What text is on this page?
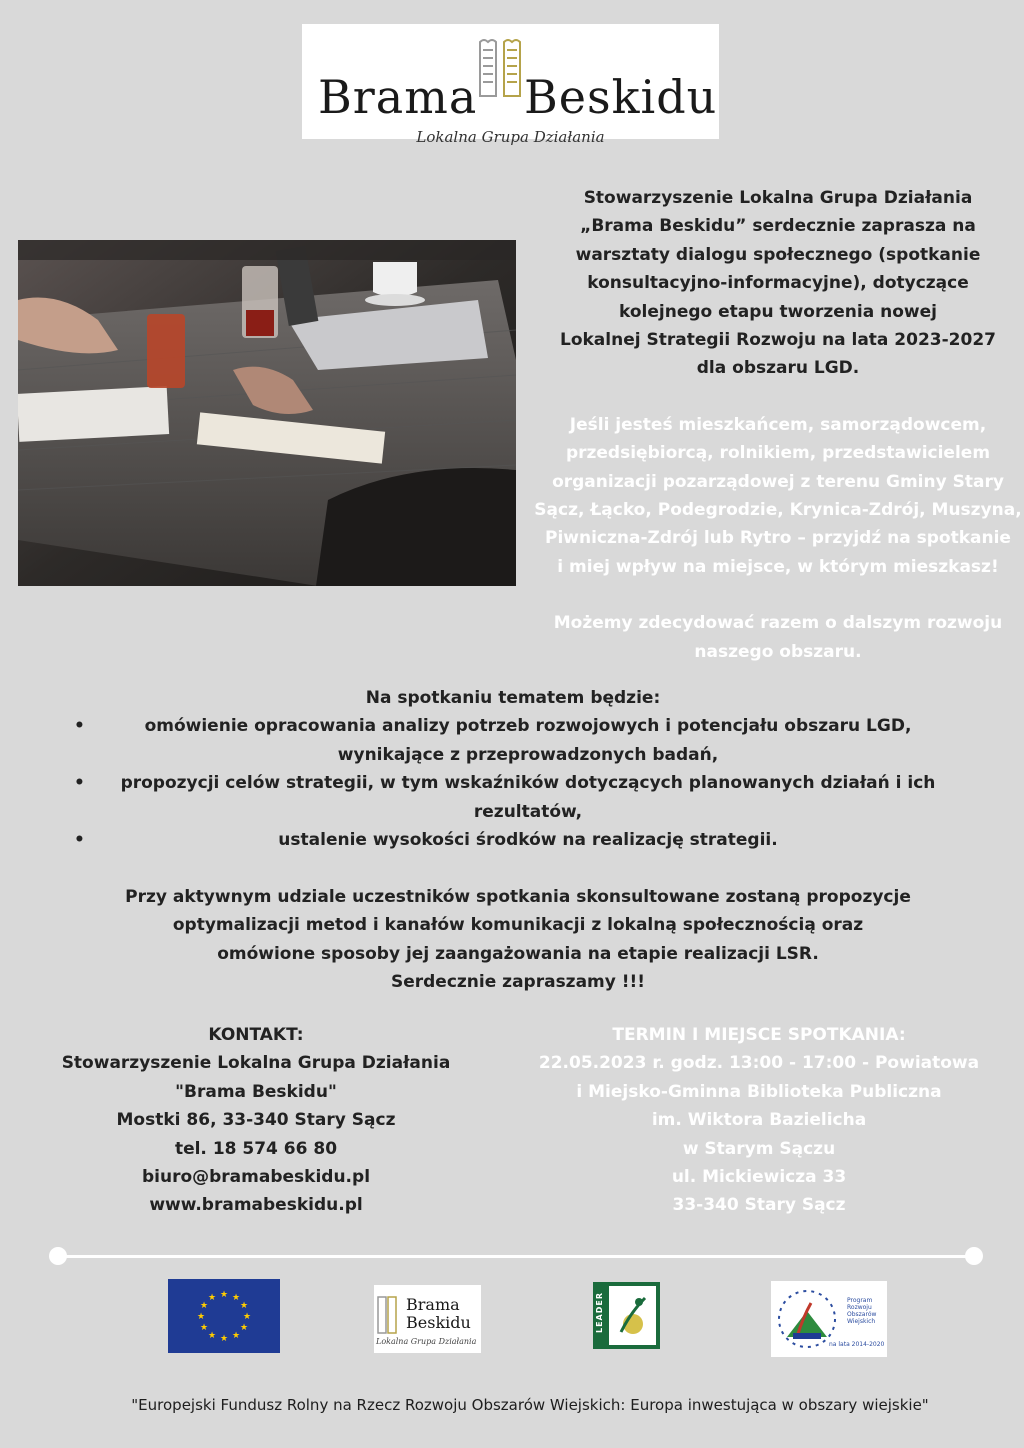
Brama Beskidu
Lokalna Grupa Działania

Stowarzyszenie Lokalna Grupa Działania
„Brama Beskidu” serdecznie zaprasza na
warsztaty dialogu społecznego (spotkanie
konsultacyjno-informacyjne), dotyczące
kolejnego etapu tworzenia nowej
Lokalnej Strategii Rozwoju na lata 2023-2027
dla obszaru LGD.

Jeśli jesteś mieszkańcem, samorządowcem,
przedsiębiorcą, rolnikiem, przedstawicielem
organizacji pozarządowej z terenu Gminy Stary
Sącz, Łącko, Podegrodzie, Krynica-Zdrój, Muszyna,
Piwniczna-Zdrój lub Rytro – przyjdź na spotkanie
i miej wpływ na miejsce, w którym mieszkasz!

Możemy zdecydować razem o dalszym rozwoju
naszego obszaru.

Na spotkaniu tematem będzie:
•	omówienie opracowania analizy potrzeb rozwojowych i potencjału obszaru LGD,
wynikające z przeprowadzonych badań,
•	propozycji celów strategii, w tym wskaźników dotyczących planowanych działań i ich
rezultatów,
•	ustalenie wysokości środków na realizację strategii.

Przy aktywnym udziale uczestników spotkania skonsultowane zostaną propozycje
optymalizacji metod i kanałów komunikacji z lokalną społecznością oraz
omówione sposoby jej zaangażowania na etapie realizacji LSR.
Serdecznie zapraszamy !!!

KONTAKT:
Stowarzyszenie Lokalna Grupa Działania
"Brama Beskidu"
Mostki 86, 33-340 Stary Sącz
tel. 18 574 66 80
biuro@bramabeskidu.pl
www.bramabeskidu.pl
TERMIN I MIEJSCE SPOTKANIA:
22.05.2023 r. godz. 13:00 - 17:00 - Powiatowa
i Miejsko-Gminna Biblioteka Publiczna
im. Wiktora Bazielicha
w Starym Sączu
ul. Mickiewicza 33
33-340 Stary Sącz
★ ★
★
★
★
★
★
★
★
★
★
★	Brama
Beskidu
Lokalna Grupa Działania
LEADER	Program
Rozwoju
Obszarów
Wiejskich
na lata 2014-2020
"Europejski Fundusz Rolny na Rzecz Rozwoju Obszarów Wiejskich: Europa inwestująca w obszary wiejskie"
